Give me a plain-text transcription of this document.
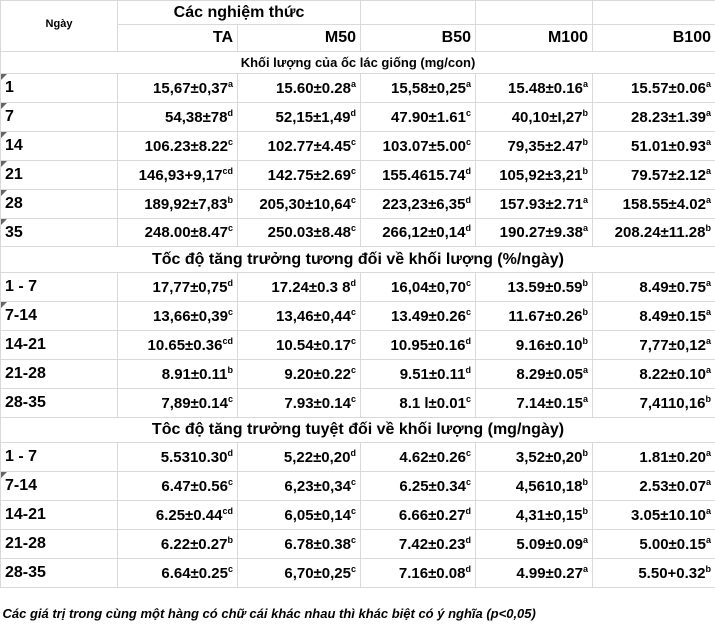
Ngày	Các nghiệm thức				
	TA	M50	B50	M100	B100
Khối lượng của ốc lác giống (mg/con)					

1	15,67±0,37$^a$	15.60±0.28$^a$	15,58±0,25$^a$	15.48±0.16$^a$	15.57±0.06$^a$

7	$54,38\pm 78^d$	52,15±1,49$^d$	47.90±1.61$^c$	40,10±I,27$^b$	28.23±1.39$^a$

14	106.23±8.22$^c$	102.77±4.45$^c$	103.07±5.00$^c$	79,35±2.47$^b$	51.01±0.93$^a$

21	146,93+9,17$^{cd}$	142.75±2.69$^c$	155.4615.74$^d$	105,92±3,21$^b$	79.57±2.12$^a$

28	189,92±7,83$^b$	205,30±10,64$^c$	223,23±6,35$^d$	157.93±2.71$^a$	158.55±4.02$^a$

35	248.00±8.47$^c$	250.03±8.48$^c$	266,12±0,14$^d$	190.27±9.38$^a$	208.24±11.28$^b$
Tốc độ tăng trưởng tương đối về khối lượng (%/ngày)					
1 - 7	17,77±0,75$^d$	17.24±0.3 8$^d$	16,04±0,70$^c$	13.59±0.59$^b$	8.49±0.75$^a$

7-14	13,66±0,39$^c$	13,46±0,44$^c$	13.49±0.26$^c$	11.67±0.26$^b$	8.49±0.15$^a$
14-21	10.65±0.36$^{cd}$	10.54±0.17$^c$	10.95±0.16$^d$	9.16±0.10$^b$	7,77±0,12$^a$
21-28	8.91±0.11$^b$	9.20±0.22$^c$	9.51±0.11$^d$	8.29±0.05$^a$	8.22±0.10$^a$
28-35	7,89±0.14$^c$	7.93±0.14$^c$	8.1 l±0.01$^c$	7.14±0.15$^a$	7,4110,16$^b$
Tôc độ tăng trưởng tuyệt đối về khối lượng (mg/ngày)					
1 - 7	5.5310.30$^d$	5,22±0,20$^d$	4.62±0.26$^c$	3,52±0,20$^b$	1.81±0.20$^a$

7-14	6.47±0.56$^c$	6,23±0,34$^c$	6.25±0.34$^c$	4,5610,18$^b$	2.53±0.07$^a$
14-21	6.25±0.44$^{cd}$	6,05±0,14$^c$	6.66±0.27$^d$	4,31±0,15$^b$	3.05±10.10$^a$
21-28	6.22±0.27$^b$	6.78±0.38$^c$	7.42±0.23$^d$	5.09±0.09$^a$	5.00±0.15$^a$
28-35	6.64±0.25$^c$	6,70±0,25$^c$	7.16±0.08$^d$	4.99±0.27$^a$	5.50+0.32$^b$

Các giá trị trong cùng một hàng có chữ cái khác nhau thì khác biệt có ý nghĩa (p<0,05)					
